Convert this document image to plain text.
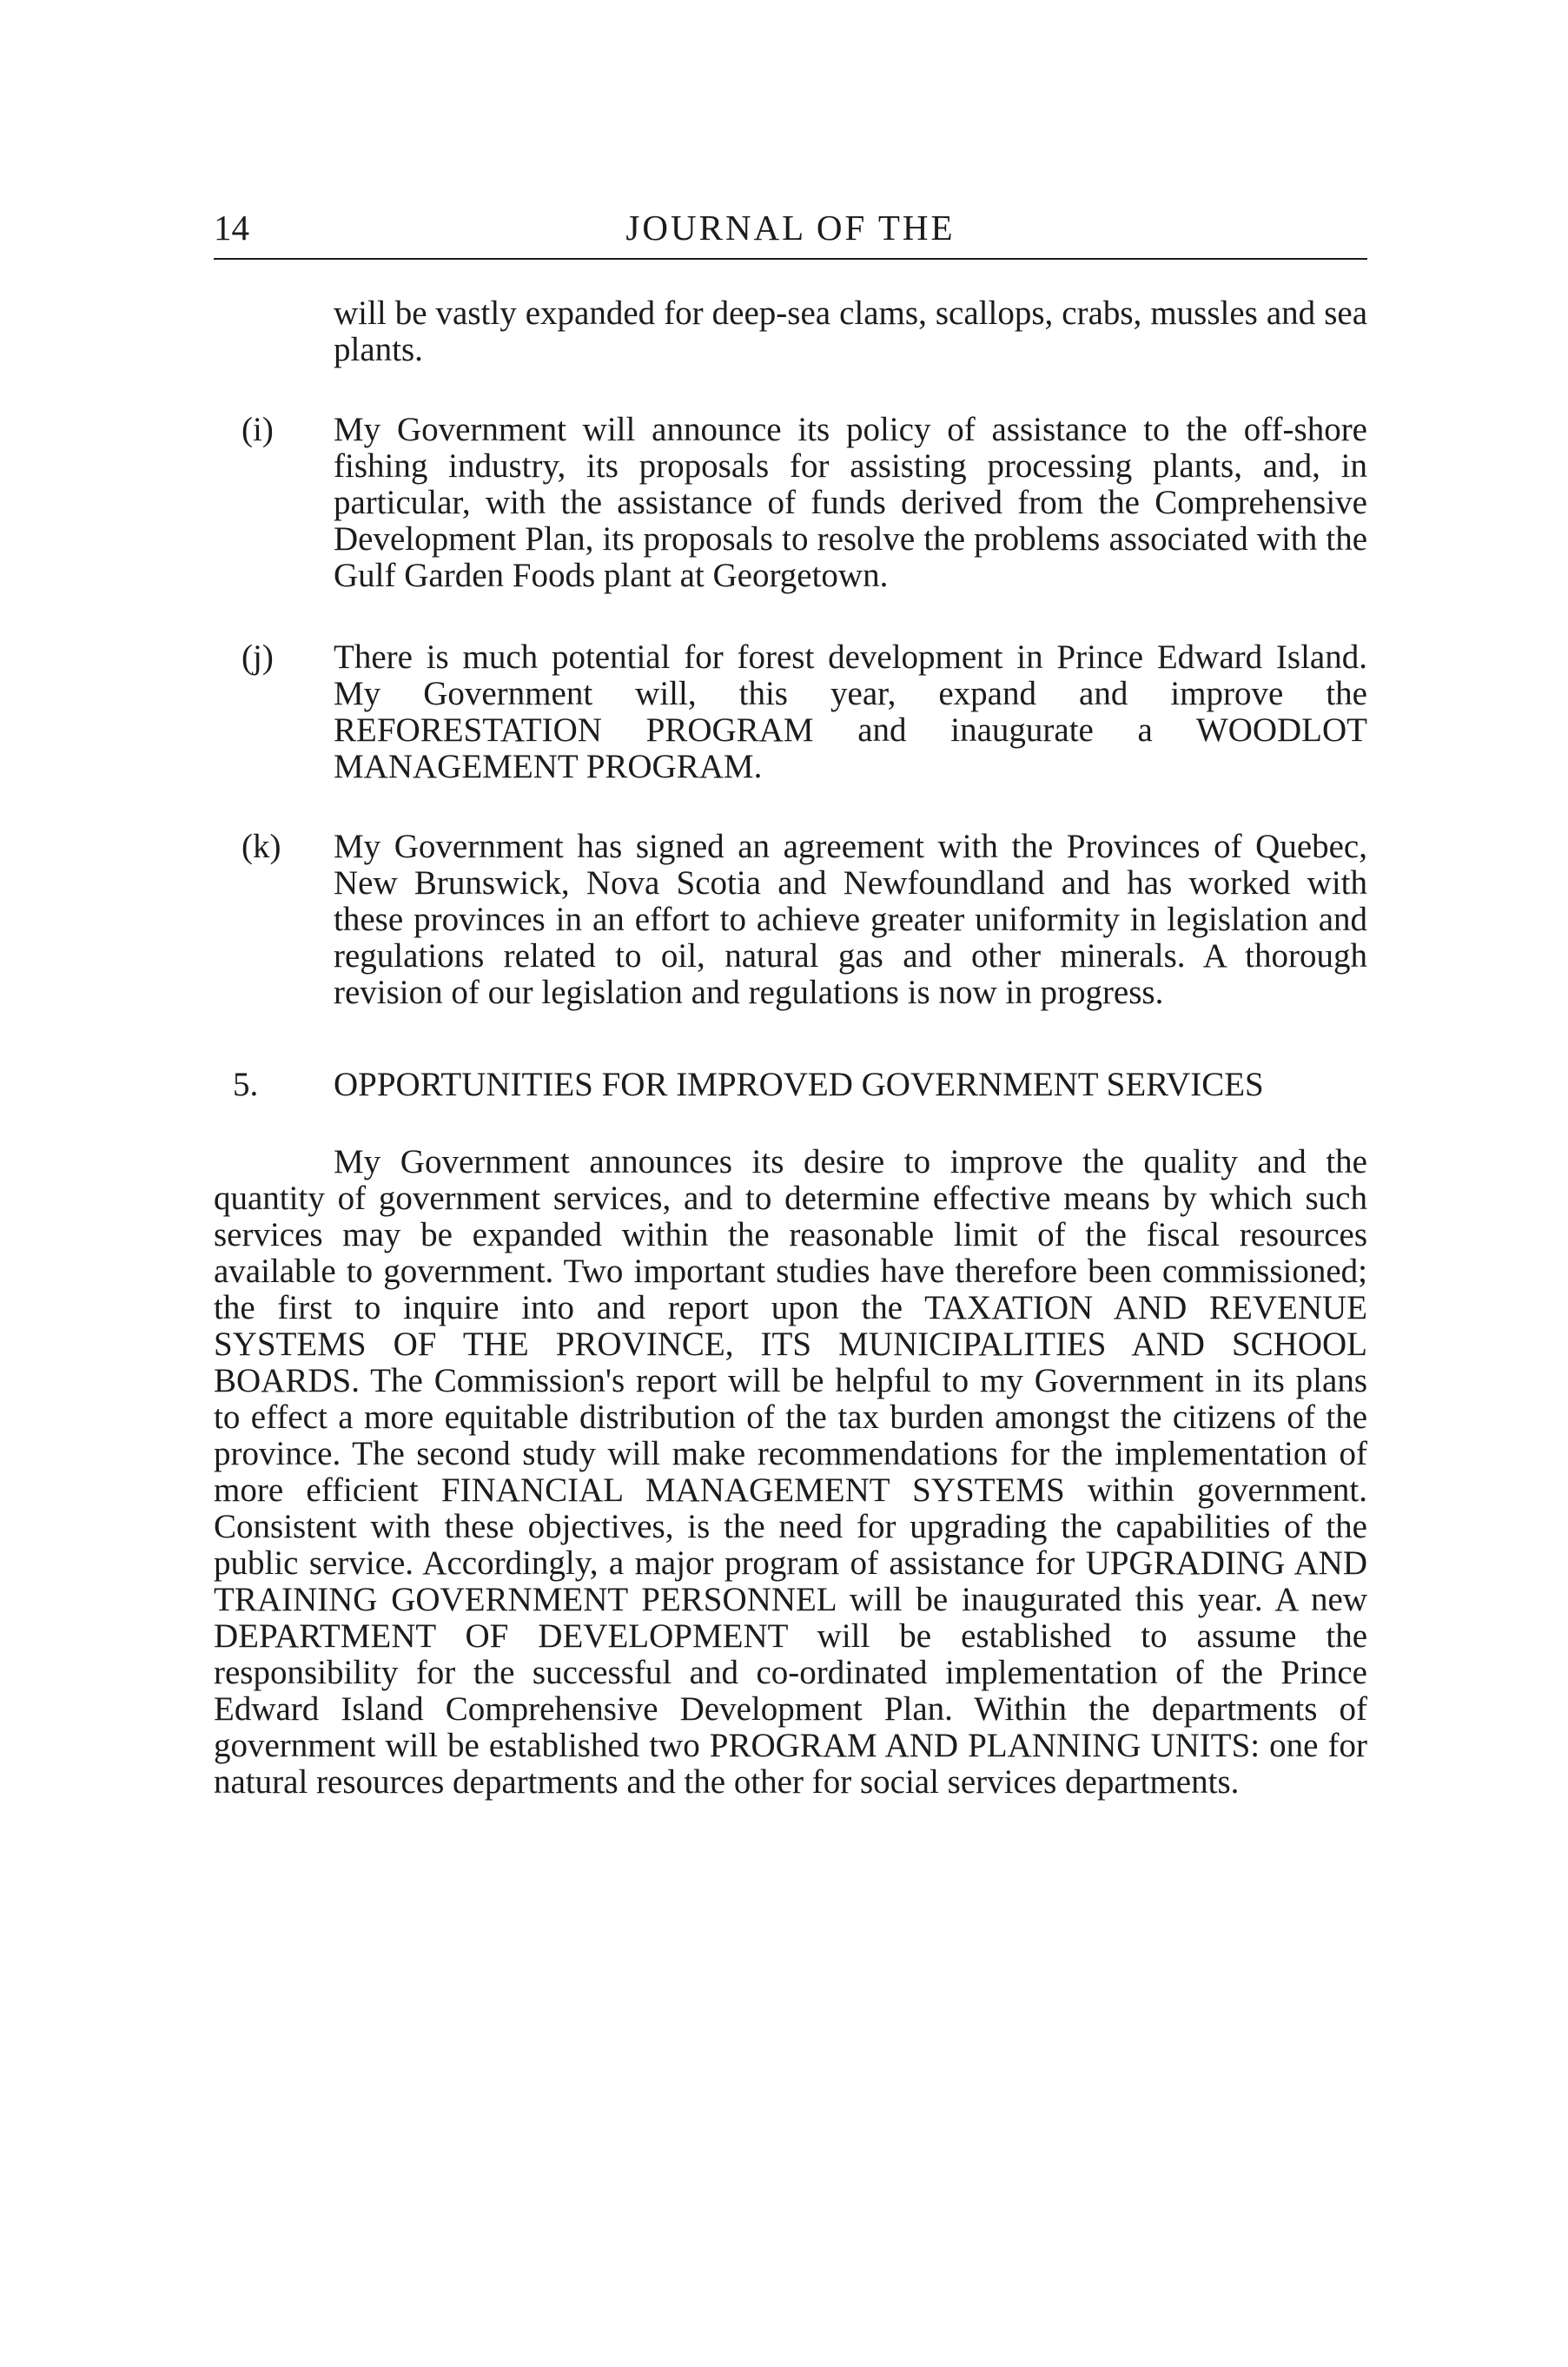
14	JOURNAL OF THE
will be vastly expanded for deep-sea clams, scallops, crabs, mussles and sea plants.
(i) My Government will announce its policy of assistance to the off-shore fishing industry, its proposals for assisting processing plants, and, in particular, with the assistance of funds derived from the Comprehensive Development Plan, its proposals to resolve the problems associated with the Gulf Garden Foods plant at Georgetown.
(j) There is much potential for forest development in Prince Edward Island. My Government will, this year, expand and improve the REFORESTATION PROGRAM and inaugurate a WOODLOT MANAGEMENT PROGRAM.
(k) My Government has signed an agreement with the Provinces of Quebec, New Brunswick, Nova Scotia and Newfoundland and has worked with these provinces in an effort to achieve greater uniformity in legislation and regulations related to oil, natural gas and other minerals. A thorough revision of our legislation and regulations is now in progress.
5. OPPORTUNITIES FOR IMPROVED GOVERNMENT SERVICES

My Government announces its desire to improve the quality and the quantity of government services, and to determine effective means by which such services may be expanded within the reasonable limit of the fiscal resources available to government. Two important studies have therefore been commissioned; the first to inquire into and report upon the TAXATION AND REVENUE SYSTEMS OF THE PROVINCE, ITS MUNICIPALITIES AND SCHOOL BOARDS. The Commission's report will be helpful to my Government in its plans to effect a more equitable distribution of the tax burden amongst the citizens of the province. The second study will make recommendations for the implementation of more efficient FINANCIAL MANAGEMENT SYSTEMS within government. Consistent with these objectives, is the need for upgrading the capabilities of the public service. Accordingly, a major program of assistance for UPGRADING AND TRAINING GOVERNMENT PERSONNEL will be inaugurated this year. A new DEPARTMENT OF DEVELOPMENT will be established to assume the responsibility for the successful and co-ordinated implementation of the Prince Edward Island Comprehensive Development Plan. Within the departments of government will be established two PROGRAM AND PLANNING UNITS: one for natural resources departments and the other for social services departments.
